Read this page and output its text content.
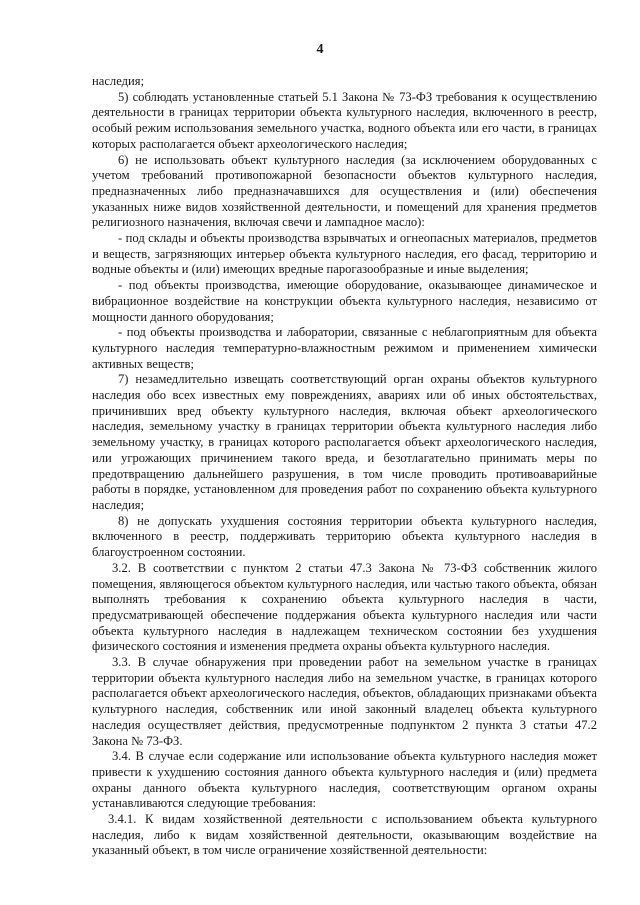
4

наследия;

5) соблюдать установленные статьей 5.1 Закона № 73-ФЗ требования к осуществлению деятельности в границах территории объекта культурного наследия, включенного в реестр, особый режим использования земельного участка, водного объекта или его части, в границах которых располагается объект археологического наследия;

6) не использовать объект культурного наследия (за исключением оборудованных с учетом требований противопожарной безопасности объектов культурного наследия, предназначенных либо предназначавшихся для осуществления и (или) обеспечения указанных ниже видов хозяйственной деятельности, и помещений для хранения предметов религиозного назначения, включая свечи и лампадное масло):

- под склады и объекты производства взрывчатых и огнеопасных материалов, предметов и веществ, загрязняющих интерьер объекта культурного наследия, его фасад, территорию и водные объекты и (или) имеющих вредные парогазообразные и иные выделения;

- под объекты производства, имеющие оборудование, оказывающее динамическое и вибрационное воздействие на конструкции объекта культурного наследия, независимо от мощности данного оборудования;

- под объекты производства и лаборатории, связанные с неблагоприятным для объекта культурного наследия температурно-влажностным режимом и применением химически активных веществ;

7) незамедлительно извещать соответствующий орган охраны объектов культурного наследия обо всех известных ему повреждениях, авариях или об иных обстоятельствах, причинивших вред объекту культурного наследия, включая объект археологического наследия, земельному участку в границах территории объекта культурного наследия либо земельному участку, в границах которого располагается объект археологического наследия, или угрожающих причинением такого вреда, и безотлагательно принимать меры по предотвращению дальнейшего разрушения, в том числе проводить противоаварийные работы в порядке, установленном для проведения работ по сохранению объекта культурного наследия;

8) не допускать ухудшения состояния территории объекта культурного наследия, включенного в реестр, поддерживать территорию объекта культурного наследия в благоустроенном состоянии.

3.2. В соответствии с пунктом 2 статьи 47.3 Закона № 73-ФЗ собственник жилого помещения, являющегося объектом культурного наследия, или частью такого объекта, обязан выполнять требования к сохранению объекта культурного наследия в части, предусматривающей обеспечение поддержания объекта культурного наследия или части объекта культурного наследия в надлежащем техническом состоянии без ухудшения физического состояния и изменения предмета охраны объекта культурного наследия.

3.3. В случае обнаружения при проведении работ на земельном участке в границах территории объекта культурного наследия либо на земельном участке, в границах которого располагается объект археологического наследия, объектов, обладающих признаками объекта культурного наследия, собственник или иной законный владелец объекта культурного наследия осуществляет действия, предусмотренные подпунктом 2 пункта 3 статьи 47.2 Закона № 73-ФЗ.

3.4. В случае если содержание или использование объекта культурного наследия может привести к ухудшению состояния данного объекта культурного наследия и (или) предмета охраны данного объекта культурного наследия, соответствующим органом охраны устанавливаются следующие требования:

3.4.1. К видам хозяйственной деятельности с использованием объекта культурного наследия, либо к видам хозяйственной деятельности, оказывающим воздействие на указанный объект, в том числе ограничение хозяйственной деятельности:
